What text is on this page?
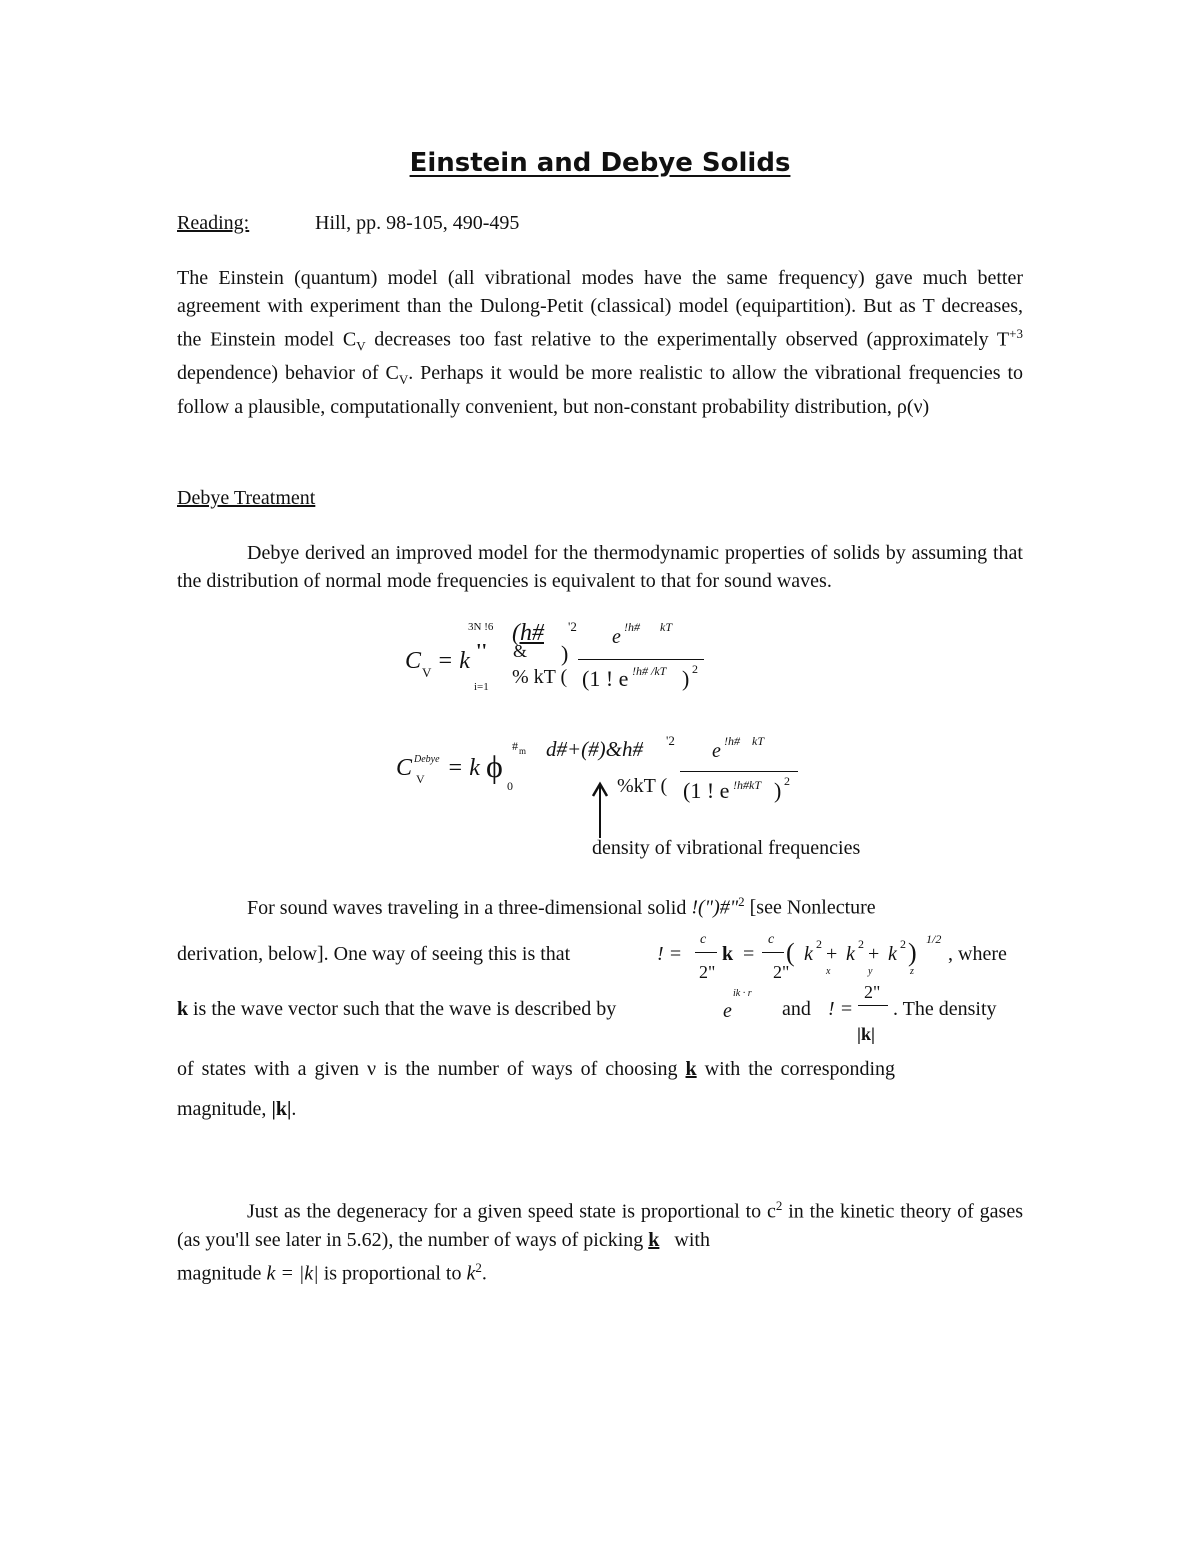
Einstein and Debye Solids
Reading:	Hill, pp. 98-105, 490-495

The Einstein (quantum) model (all vibrational modes have the same frequency) gave much better agreement with experiment than the Dulong-Petit (classical) model (equipartition). But as T decreases, the Einstein model $C_V$ decreases too fast relative to the experimentally observed (approximately $T^{+3}$ dependence) behavior of $C_V$. Perhaps it would be more realistic to allow the vibrational frequencies to follow a plausible, computationally convenient, but non-constant probability distribution, ρ(ν)

Debye Treatment

Debye derived an improved model for the thermodynamic properties of solids by assuming that the distribution of normal mode frequencies is equivalent to that for sound waves.

C V = k
3N !6
''
i=1
(h# '2
& )
% kT (
e !h# kT
(1 ! e !h# /kT ) 2
C Debye
V = k ϕ
# m
0
d#+(#)&h# '2
%kT (
e !h# kT
(1 ! e !h#kT ) 2
density of vibrational frequencies
For sound waves traveling in a three-dimensional solid !(")#"$^2$ [see Nonlecture
derivation, below]. One way of seeing this is that	! =
c
2"
k =
c
2"
( k 2 + k 2 + k 2 ) 1/2
x	y	z
, where
k is the wave vector such that the wave is described by	e
ik · r
and ! =
2"
|k|
. The density
of states with a given ν is the number of ways of choosing k with the corresponding
magnitude, |k|.

Just as the degeneracy for a given speed state is proportional to $c^2$ in the kinetic theory of gases (as you'll see later in 5.62), the number of ways of picking k with

magnitude k = |k| is proportional to $k^2$.
